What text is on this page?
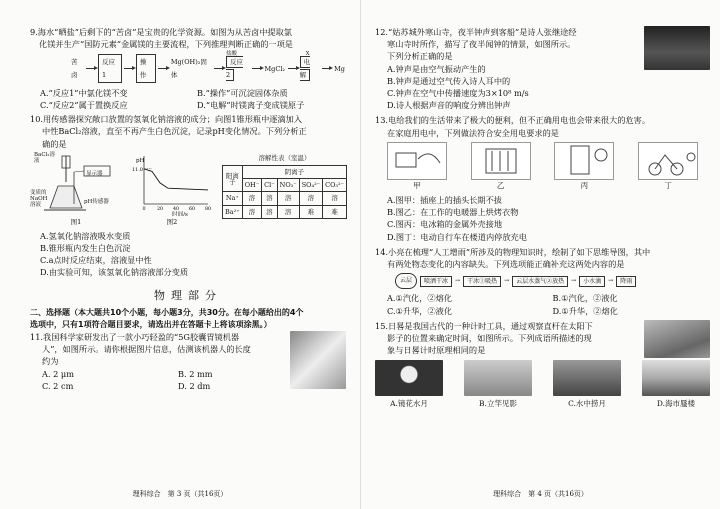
9.海水“晒盐”后剩下的“苦卤”是宝贵的化学资源。如图为从苦卤中提取氯

化镁并生产“国防元素”金属镁的主要流程，下列推理判断正确的一项是

苦卤
反应1
操作
Mg(OH)₂固体
盐酸
反应2
MgCl₂
X
电解
Mg
A.“反应1”中氯化镁不变	B.“操作”可沉淀固体杂质
C.“反应2”属于置换反应	D.“电解”时镁离子变成镁原子

10.用传感器探究敞口放置的氢氧化钠溶液的成分；向图1锥形瓶中逐滴加入

中性BaCl₂溶液，直至不再产生白色沉淀，记录pH变化情况。下列分析正

确的是

BaCl₂溶液
显示器
变质的NaOH溶液	pH传感器
图1
11.0
pH
0 20 40 60 80
时间/s
图2
溶解性表（室温）
阳离子	阴离子				
	OH⁻	Cl⁻	NO₃⁻	SO₄²⁻	CO₃²⁻
Na⁺	溶	溶	溶	溶	溶
Ba²⁺	溶	溶	溶	难	难
A.氢氧化钠溶液吸水变质
B.锥形瓶内发生白色沉淀
C.a点时反应结束，溶液显中性
D.由实验可知，该氢氧化钠溶液部分变质
物理部分

二、选择题（本大题共10个小题，每小题3分，共30分。在每小题给出的4个

选项中，只有1项符合题目要求，请选出并在答题卡上将该项涂黑。）

11.我国科学家研发出了一款小巧轻盈的“5G胶囊胃镜机器

人”，如图所示。请你根据图片信息，估测该机器人的长度

约为

A. 2 μm	B. 2 mm
C. 2 cm	D. 2 dm
理科综合　第 3 页（共16页）

12.“姑苏城外寒山寺，夜半钟声到客船”是诗人张继途经

寒山寺时所作，描写了夜半闻钟的情景，如图所示。

下列分析正确的是

A.钟声是由空气振动产生的
B.钟声是通过空气传入诗人耳中的
C.钟声在空气中传播速度为3×10⁸ m/s
D.诗人根据声音的响度分辨出钟声

13.电给我们的生活带来了极大的便利，但不正确用电也会带来很大的危害。

在家庭用电中，下列做法符合安全用电要求的是

甲	乙	丙	丁
A.图甲：插座上的插头长期不拔
B.图乙：在工作的电暖器上烘烤衣物
C.图丙：电冰箱的金属外壳接地
D.图丁：电动自行车在楼道内停放充电

14.小亮在梳理“人工增雨”所涉及的物理知识时，绘制了如下思维导图，其中

有两处物态变化的内容缺失。下列选项能正确补充这两处内容的是

云层	喷洒干冰	→	干冰①吸热	→	云层水蒸气②放热	→	小水滴	→	降雨
A.①汽化，②熔化	B.①汽化，②液化
C.①升华，②液化	D.①升华，②熔化

15.日晷是我国古代的一种计时工具，通过观察直杆在太阳下

影子的位置来确定时间，如图所示。下列成语所描述的现

象与日晷计时原理相同的是

A.镜花水月	B.立竿见影	C.水中捞月	D.海市蜃楼
理科综合　第 4 页（共16页）
